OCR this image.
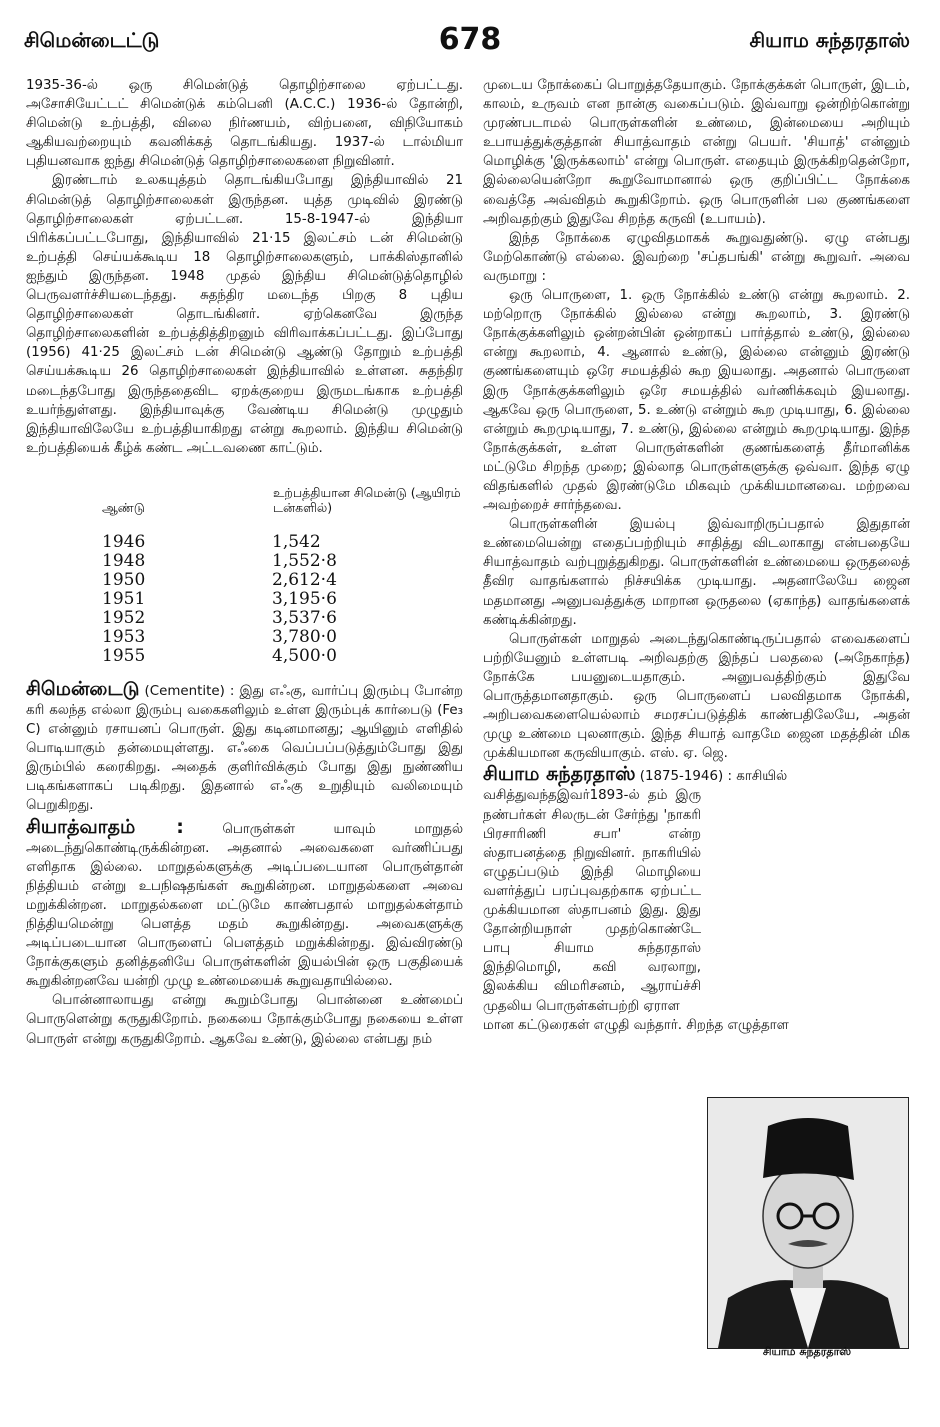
சிமென்டைட்டு	678	சியாம சுந்தரதாஸ்

1935-36-ல் ஒரு சிமென்டுத் தொழிற்சாலை ஏற்பட்டது. அசோசியேட்டட் சிமென்டுக் கம்பெனி (A.C.C.) 1936-ல் தோன்றி, சிமென்டு உற்பத்தி, விலை நிர்ணயம், விற்பனை, விநியோகம் ஆகியவற்றையும் கவனிக்கத் தொடங்கியது. 1937-ல் டால்மியா புதியனவாக ஐந்து சிமென்டுத் தொழிற்சாலைகளை நிறுவினர்.

இரண்டாம் உலகயுத்தம் தொடங்கியபோது இந்தியாவில் 21 சிமென்டுத் தொழிற்சாலைகள் இருந்தன. யுத்த முடிவில் இரண்டு தொழிற்சாலைகள் ஏற்பட்டன. 15-8-1947-ல் இந்தியா பிரிக்கப்பட்டபோது, இந்தியாவில் 21·15 இலட்சம் டன் சிமென்டு உற்பத்தி செய்யக்கூடிய 18 தொழிற்சாலைகளும், பாக்கிஸ்தானில் ஐந்தும் இருந்தன. 1948 முதல் இந்திய சிமென்டுத்தொழில் பெருவளர்ச்சியடைந்தது. சுதந்திர மடைந்த பிறகு 8 புதிய தொழிற்சாலைகள் தொடங்கினர். ஏற்கெனவே இருந்த தொழிற்சாலைகளின் உற்பத்தித்திறனும் விரிவாக்கப்பட்டது. இப்போது (1956) 41·25 இலட்சம் டன் சிமென்டு ஆண்டு தோறும் உற்பத்தி செய்யக்கூடிய 26 தொழிற்சாலைகள் இந்தியாவில் உள்ளன. சுதந்திர மடைந்தபோது இருந்ததைவிட ஏறக்குறைய இருமடங்காக உற்பத்தி உயர்ந்துள்ளது. இந்தியாவுக்கு வேண்டிய சிமென்டு முழுதும் இந்தியாவிலேயே உற்பத்தியாகிறது என்று கூறலாம். இந்திய சிமென்டு உற்பத்தியைக் கீழ்க் கண்ட அட்டவணை காட்டும்.

ஆண்டு	உற்பத்தியான சிமென்டு (ஆயிரம் டன்களில்)
1946	1,542
1948	1,552·8
1950	2,612·4
1951	3,195·6
1952	3,537·6
1953	3,780·0
1955	4,500·0

சிமென்டைடு (Cementite) : இது எஃகு, வார்ப்பு இரும்பு போன்ற கரி கலந்த எல்லா இரும்பு வகைகளிலும் உள்ள இரும்புக் கார்பைடு (Fe₃ C) என்னும் ரசாயனப் பொருள். இது கடினமானது; ஆயினும் எளிதில் பொடியாகும் தன்மையுள்ளது. எஃகை வெப்பப்படுத்தும்போது இது இரும்பில் கரைகிறது. அதைக் குளிர்விக்கும் போது இது நுண்ணிய படிகங்களாகப் படிகிறது. இதனால் எஃகு உறுதியும் வலிமையும் பெறுகிறது.

சியாத்வாதம் : பொருள்கள் யாவும் மாறுதல் அடைந்துகொண்டிருக்கின்றன. அதனால் அவைகளை வர்ணிப்பது எளிதாக இல்லை. மாறுதல்களுக்கு அடிப்படையான பொருள்தான் நித்தியம் என்று உபநிஷதங்கள் கூறுகின்றன. மாறுதல்களை அவை மறுக்கின்றன. மாறுதல்களை மட்டுமே காண்பதால் மாறுதல்கள்தாம் நித்தியமென்று பௌத்த மதம் கூறுகின்றது. அவைகளுக்கு அடிப்படையான பொருளைப் பௌத்தம் மறுக்கின்றது. இவ்விரண்டு நோக்குகளும் தனித்தனியே பொருள்களின் இயல்பின் ஒரு பகுதியைக் கூறுகின்றனவே யன்றி முழு உண்மையைக் கூறுவதாயில்லை.

பொன்னாலாயது என்று கூறும்போது பொன்னை உண்மைப் பொருளென்று கருதுகிறோம். நகையை நோக்கும்போது நகையை உள்ள பொருள் என்று கருதுகிறோம். ஆகவே உண்டு, இல்லை என்பது நம்

முடைய நோக்கைப் பொறுத்ததேயாகும். நோக்குக்கள் பொருள், இடம், காலம், உருவம் என நான்கு வகைப்படும். இவ்வாறு ஒன்றிற்கொன்று முரண்படாமல் பொருள்களின் உண்மை, இன்மையை அறியும் உபாயத்துக்குத்தான் சியாத்வாதம் என்று பெயர். 'சியாத்' என்னும் மொழிக்கு 'இருக்கலாம்' என்று பொருள். எதையும் இருக்கிறதென்றோ, இல்லையென்றோ கூறுவோமானால் ஒரு குறிப்பிட்ட நோக்கை வைத்தே அவ்விதம் கூறுகிறோம். ஒரு பொருளின் பல குணங்களை அறிவதற்கும் இதுவே சிறந்த கருவி (உபாயம்).

இந்த நோக்கை ஏழுவிதமாகக் கூறுவதுண்டு. ஏழு என்பது மேற்கொண்டு எல்லை. இவற்றை 'சப்தபங்கி' என்று கூறுவர். அவை வருமாறு :

ஒரு பொருளை, 1. ஒரு நோக்கில் உண்டு என்று கூறலாம். 2. மற்றொரு நோக்கில் இல்லை என்று கூறலாம், 3. இரண்டு நோக்குக்களிலும் ஒன்றன்பின் ஒன்றாகப் பார்த்தால் உண்டு, இல்லை என்று கூறலாம், 4. ஆனால் உண்டு, இல்லை என்னும் இரண்டு குணங்களையும் ஒரே சமயத்தில் கூற இயலாது. அதனால் பொருளை இரு நோக்குக்களிலும் ஒரே சமயத்தில் வர்ணிக்கவும் இயலாது. ஆகவே ஒரு பொருளை, 5. உண்டு என்றும் கூற முடியாது, 6. இல்லை என்றும் கூறமுடியாது, 7. உண்டு, இல்லை என்றும் கூறமுடியாது. இந்த நோக்குக்கள், உள்ள பொருள்களின் குணங்களைத் தீர்மானிக்க மட்டுமே சிறந்த முறை; இல்லாத பொருள்களுக்கு ஒவ்வா. இந்த ஏழு விதங்களில் முதல் இரண்டுமே மிகவும் முக்கியமானவை. மற்றவை அவற்றைச் சார்ந்தவை.

பொருள்களின் இயல்பு இவ்வாறிருப்பதால் இதுதான் உண்மையென்று எதைப்பற்றியும் சாதித்து விடலாகாது என்பதையே சியாத்வாதம் வற்புறுத்துகிறது. பொருள்களின் உண்மையை ஒருதலைத் தீவிர வாதங்களால் நிச்சயிக்க முடியாது. அதனாலேயே ஜைன மதமானது அனுபவத்துக்கு மாறான ஒருதலை (ஏகாந்த) வாதங்களைக் கண்டிக்கின்றது.

பொருள்கள் மாறுதல் அடைந்துகொண்டிருப்பதால் எவைகளைப் பற்றியேனும் உள்ளபடி அறிவதற்கு இந்தப் பலதலை (அநேகாந்த) நோக்கே பயனுடையதாகும். அனுபவத்திற்கும் இதுவே பொருத்தமானதாகும். ஒரு பொருளைப் பலவிதமாக நோக்கி, அறிபவைகளையெல்லாம் சமரசப்படுத்திக் காண்பதிலேயே, அதன் முழு உண்மை புலனாகும். இந்த சியாத் வாதமே ஜைன மதத்தின் மிக முக்கியமான கருவியாகும். எஸ். ஏ. ஜெ.

சியாம சுந்தரதாஸ் (1875-1946) : காசியில்

வசித்துவந்தஇவர்1893-ல் தம் இரு நண்பர்கள் சிலருடன் சேர்ந்து 'நாகரி பிரசாரிணி சபா' என்ற ஸ்தாபனத்தை நிறுவினர். நாகரியில் எழுதப்படும் இந்தி மொழியை வளர்த்துப் பரப்புவதற்காக ஏற்பட்ட முக்கியமான ஸ்தாபனம் இது. இது தோன்றியநாள் முதற்கொண்டே பாபு சியாம சுந்தரதாஸ் இந்திமொழி, கவி வரலாறு, இலக்கிய விமரிசனம், ஆராய்ச்சி முதலிய பொருள்கள்பற்றி ஏராள

மான கட்டுரைகள் எழுதி வந்தார். சிறந்த எழுத்தாள

சியாம சுந்தரதாஸ்
